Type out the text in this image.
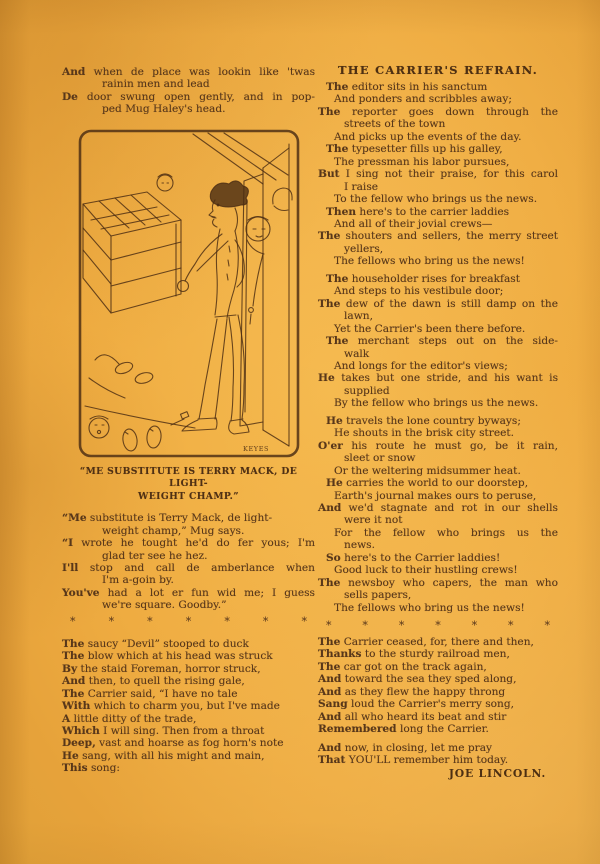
And when de place was lookin like 'twas
rainin men and lead
De door swung open gently, and in pop-
ped Mug Haley's head.
KEYES
“ME SUBSTITUTE IS TERRY MACK, DE LIGHT-
WEIGHT CHAMP.”
“Me substitute is Terry Mack, de light-
weight champ,” Mug says.
“I wrote he tought he'd do fer yous; I'm
glad ter see he hez.
I'll stop and call de amberlance when
I'm a-goin by.
You've had a lot er fun wid me; I guess
we're square. Goodby.”
*	*	*	*	*	*	*
The saucy “Devil” stooped to duck
The blow which at his head was struck
By the staid Foreman, horror struck,
And then, to quell the rising gale,
The Carrier said, “I have no tale
With which to charm you, but I've made
A little ditty of the trade,
Which I will sing. Then from a throat
Deep, vast and hoarse as fog horn's note
He sang, with all his might and main,
This song:
THE CARRIER'S REFRAIN.
The editor sits in his sanctum
And ponders and scribbles away;
The reporter goes down through the
streets of the town
And picks up the events of the day.
The typesetter fills up his galley,
The pressman his labor pursues,
But I sing not their praise, for this carol
I raise
To the fellow who brings us the news.
Then here's to the carrier laddies
And all of their jovial crews—
The shouters and sellers, the merry street
yellers,
The fellows who bring us the news!
The householder rises for breakfast
And steps to his vestibule door;
The dew of the dawn is still damp on the
lawn,
Yet the Carrier's been there before.
The merchant steps out on the side-
walk
And longs for the editor's views;
He takes but one stride, and his want is
supplied
By the fellow who brings us the news.
He travels the lone country byways;
He shouts in the brisk city street.
O'er his route he must go, be it rain,
sleet or snow
Or the weltering midsummer heat.
He carries the world to our doorstep,
Earth's journal makes ours to peruse,
And we'd stagnate and rot in our shells
were it not
For the fellow who brings us the
news.
So here's to the Carrier laddies!
Good luck to their hustling crews!
The newsboy who capers, the man who
sells papers,
The fellows who bring us the news!
*	*	*	*	*	*	*
The Carrier ceased, for, there and then,
Thanks to the sturdy railroad men,
The car got on the track again,
And toward the sea they sped along,
And as they flew the happy throng
Sang loud the Carrier's merry song,
And all who heard its beat and stir
Remembered long the Carrier.
And now, in closing, let me pray
That YOU'LL remember him today.
JOE LINCOLN.
